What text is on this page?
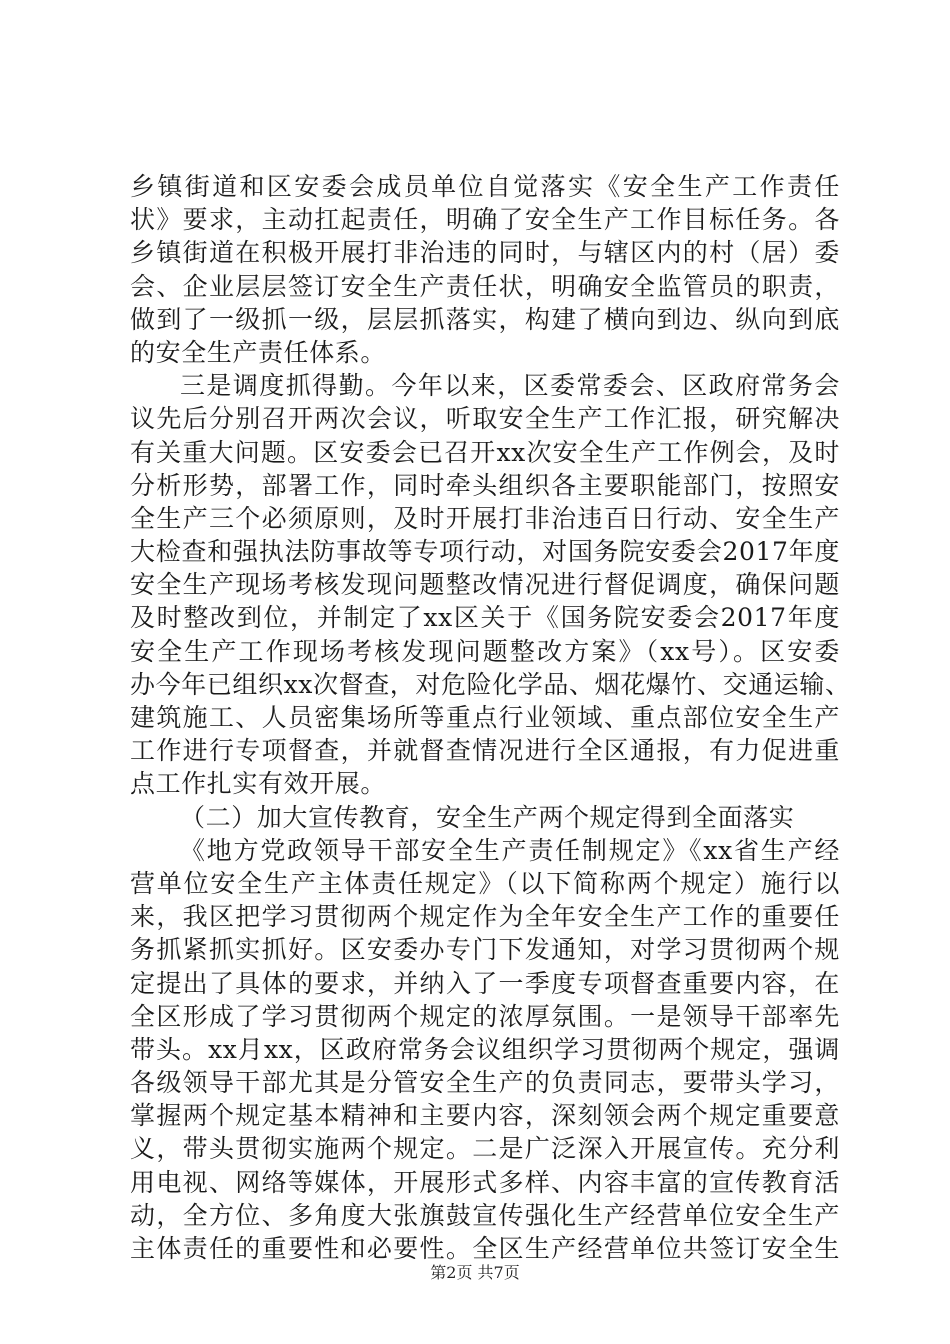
乡镇街道和区安委会成员单位自觉落实《安全生产工作责任
状》要求，主动扛起责任，明确了安全生产工作目标任务。各
乡镇街道在积极开展打非治违的同时，与辖区内的村（居）委
会、企业层层签订安全生产责任状，明确安全监管员的职责，
做到了一级抓一级，层层抓落实，构建了横向到边、纵向到底
的安全生产责任体系。
三是调度抓得勤。今年以来，区委常委会、区政府常务会
议先后分别召开两次会议，听取安全生产工作汇报，研究解决
有关重大问题。区安委会已召开xx次安全生产工作例会，及时
分析形势，部署工作，同时牵头组织各主要职能部门，按照安
全生产三个必须原则，及时开展打非治违百日行动、安全生产
大检查和强执法防事故等专项行动，对国务院安委会2017年度
安全生产现场考核发现问题整改情况进行督促调度，确保问题
及时整改到位，并制定了xx区关于《国务院安委会2017年度
安全生产工作现场考核发现问题整改方案》（xx号）。区安委
办今年已组织xx次督查，对危险化学品、烟花爆竹、交通运输、
建筑施工、人员密集场所等重点行业领域、重点部位安全生产
工作进行专项督查，并就督查情况进行全区通报，有力促进重
点工作扎实有效开展。
（二）加大宣传教育，安全生产两个规定得到全面落实
《地方党政领导干部安全生产责任制规定》《xx省生产经
营单位安全生产主体责任规定》（以下简称两个规定）施行以
来，我区把学习贯彻两个规定作为全年安全生产工作的重要任
务抓紧抓实抓好。区安委办专门下发通知，对学习贯彻两个规
定提出了具体的要求，并纳入了一季度专项督查重要内容，在
全区形成了学习贯彻两个规定的浓厚氛围。一是领导干部率先
带头。xx月xx，区政府常务会议组织学习贯彻两个规定，强调
各级领导干部尤其是分管安全生产的负责同志，要带头学习，
掌握两个规定基本精神和主要内容，深刻领会两个规定重要意
义，带头贯彻实施两个规定。二是广泛深入开展宣传。充分利
用电视、网络等媒体，开展形式多样、内容丰富的宣传教育活
动，全方位、多角度大张旗鼓宣传强化生产经营单位安全生产
主体责任的重要性和必要性。全区生产经营单位共签订安全生
第2页 共7页
